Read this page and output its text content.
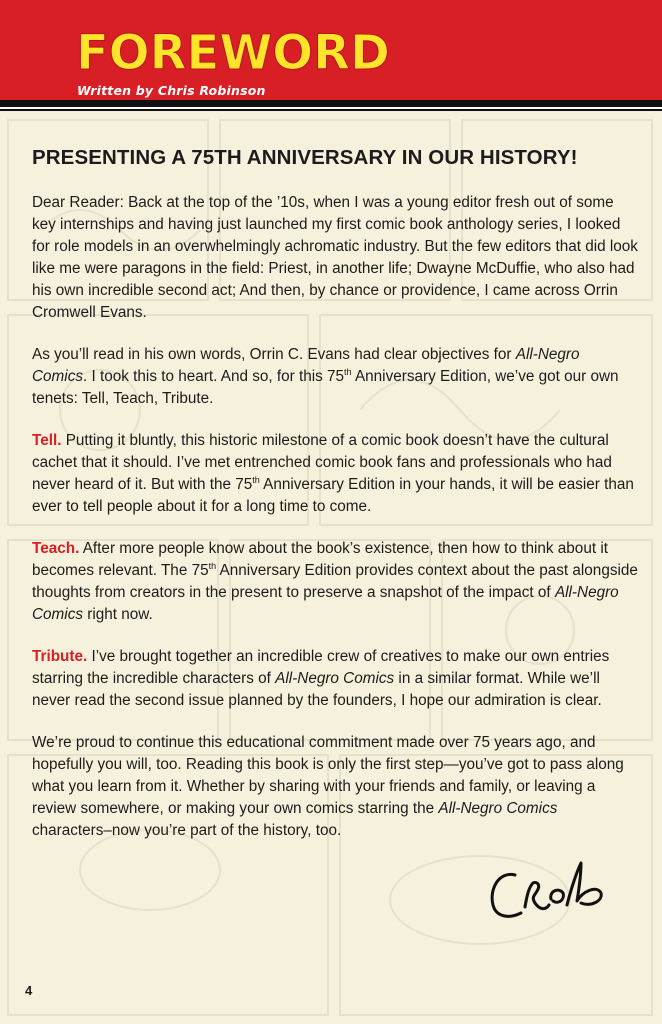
FOREWORD
Written by Chris Robinson
PRESENTING A 75TH ANNIVERSARY IN OUR HISTORY!

Dear Reader: Back at the top of the ’10s, when I was a young editor fresh out of some key internships and having just launched my first comic book anthology series, I looked for role models in an overwhelmingly achromatic industry. But the few editors that did look like me were paragons in the field: Priest, in another life; Dwayne McDuffie, who also had his own incredible second act; And then, by chance or providence, I came across Orrin Cromwell Evans.

As you’ll read in his own words, Orrin C. Evans had clear objectives for All-Negro Comics. I took this to heart. And so, for this 75th Anniversary Edition, we’ve got our own tenets: Tell, Teach, Tribute.

Tell. Putting it bluntly, this historic milestone of a comic book doesn’t have the cultural cachet that it should. I’ve met entrenched comic book fans and professionals who had never heard of it. But with the 75th Anniversary Edition in your hands, it will be easier than ever to tell people about it for a long time to come.

Teach. After more people know about the book’s existence, then how to think about it becomes relevant. The 75th Anniversary Edition provides context about the past alongside thoughts from creators in the present to preserve a snapshot of the impact of All-Negro Comics right now.

Tribute. I’ve brought together an incredible crew of creatives to make our own entries starring the incredible characters of All-Negro Comics in a similar format. While we’ll never read the second issue planned by the founders, I hope our admiration is clear.

We’re proud to continue this educational commitment made over 75 years ago, and hopefully you will, too. Reading this book is only the first step—you’ve got to pass along what you learn from it. Whether by sharing with your friends and family, or leaving a review somewhere, or making your own comics starring the All-Negro Comics characters–now you’re part of the history, too.

4
